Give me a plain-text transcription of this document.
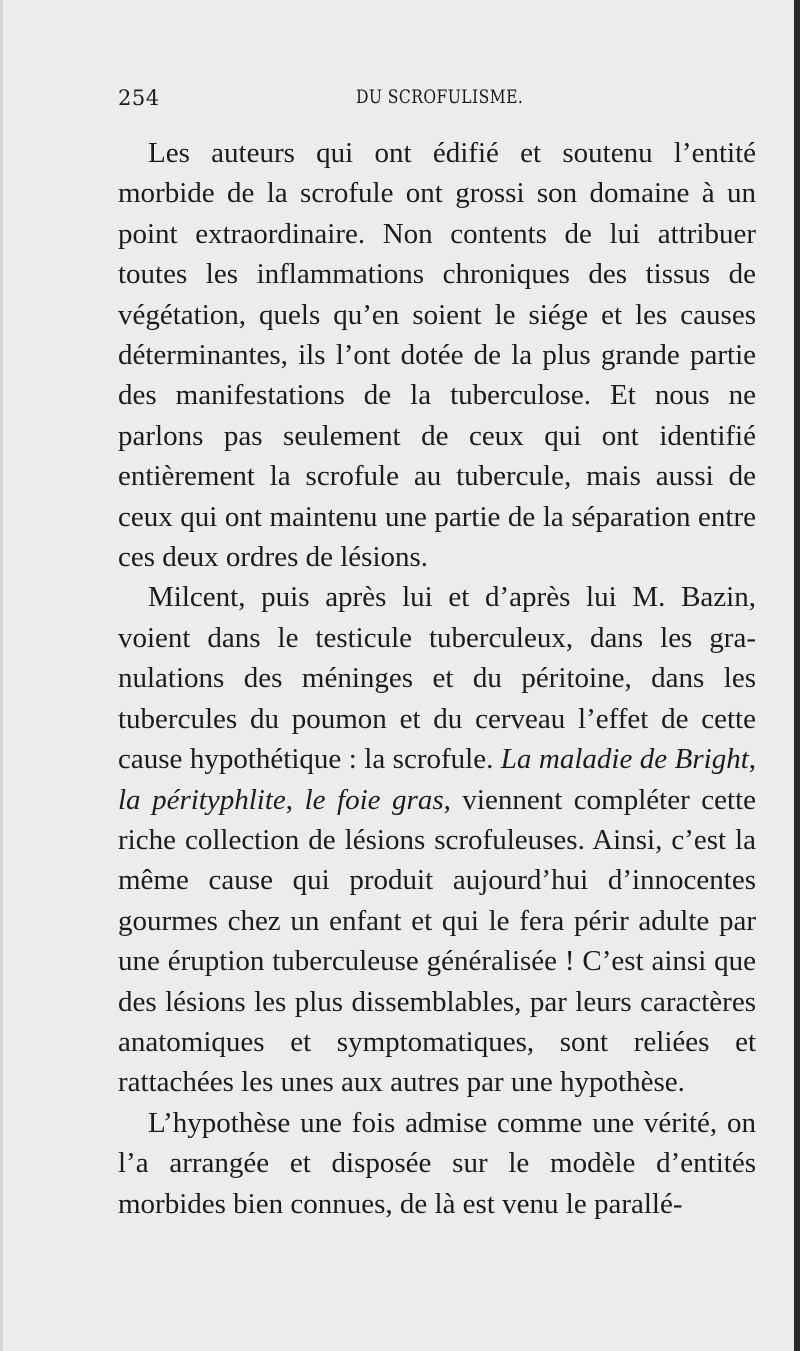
254	DU SCROFULISME.

Les auteurs qui ont édifié et soutenu l’entité morbide de la scrofule ont grossi son domaine à un point extraordinaire. Non contents de lui attribuer toutes les inflammations chroniques des tissus de végétation, quels qu’en soient le siége et les causes déterminantes, ils l’ont dotée de la plus grande partie des manifestations de la tuberculose. Et nous ne parlons pas seulement de ceux qui ont identifié entièrement la scrofule au tubercule, mais aussi de ceux qui ont maintenu une partie de la séparation entre ces deux ordres de lésions.

Milcent, puis après lui et d’après lui M. Bazin, voient dans le testicule tuberculeux, dans les granulations des méninges et du péritoine, dans les tubercules du poumon et du cerveau l’effet de cette cause hypothétique : la scrofule. La maladie de Bright, la pérityphlite, le foie gras, viennent compléter cette riche collection de lésions scrofuleuses. Ainsi, c’est la même cause qui produit aujourd’hui d’innocentes gourmes chez un enfant et qui le fera périr adulte par une éruption tuberculeuse généralisée ! C’est ainsi que des lésions les plus dissemblables, par leurs caractères anatomiques et symptomatiques, sont reliées et rattachées les unes aux autres par une hypothèse.

L’hypothèse une fois admise comme une vérité, on l’a arrangée et disposée sur le modèle d’entités morbides bien connues, de là est venu le parallé-
